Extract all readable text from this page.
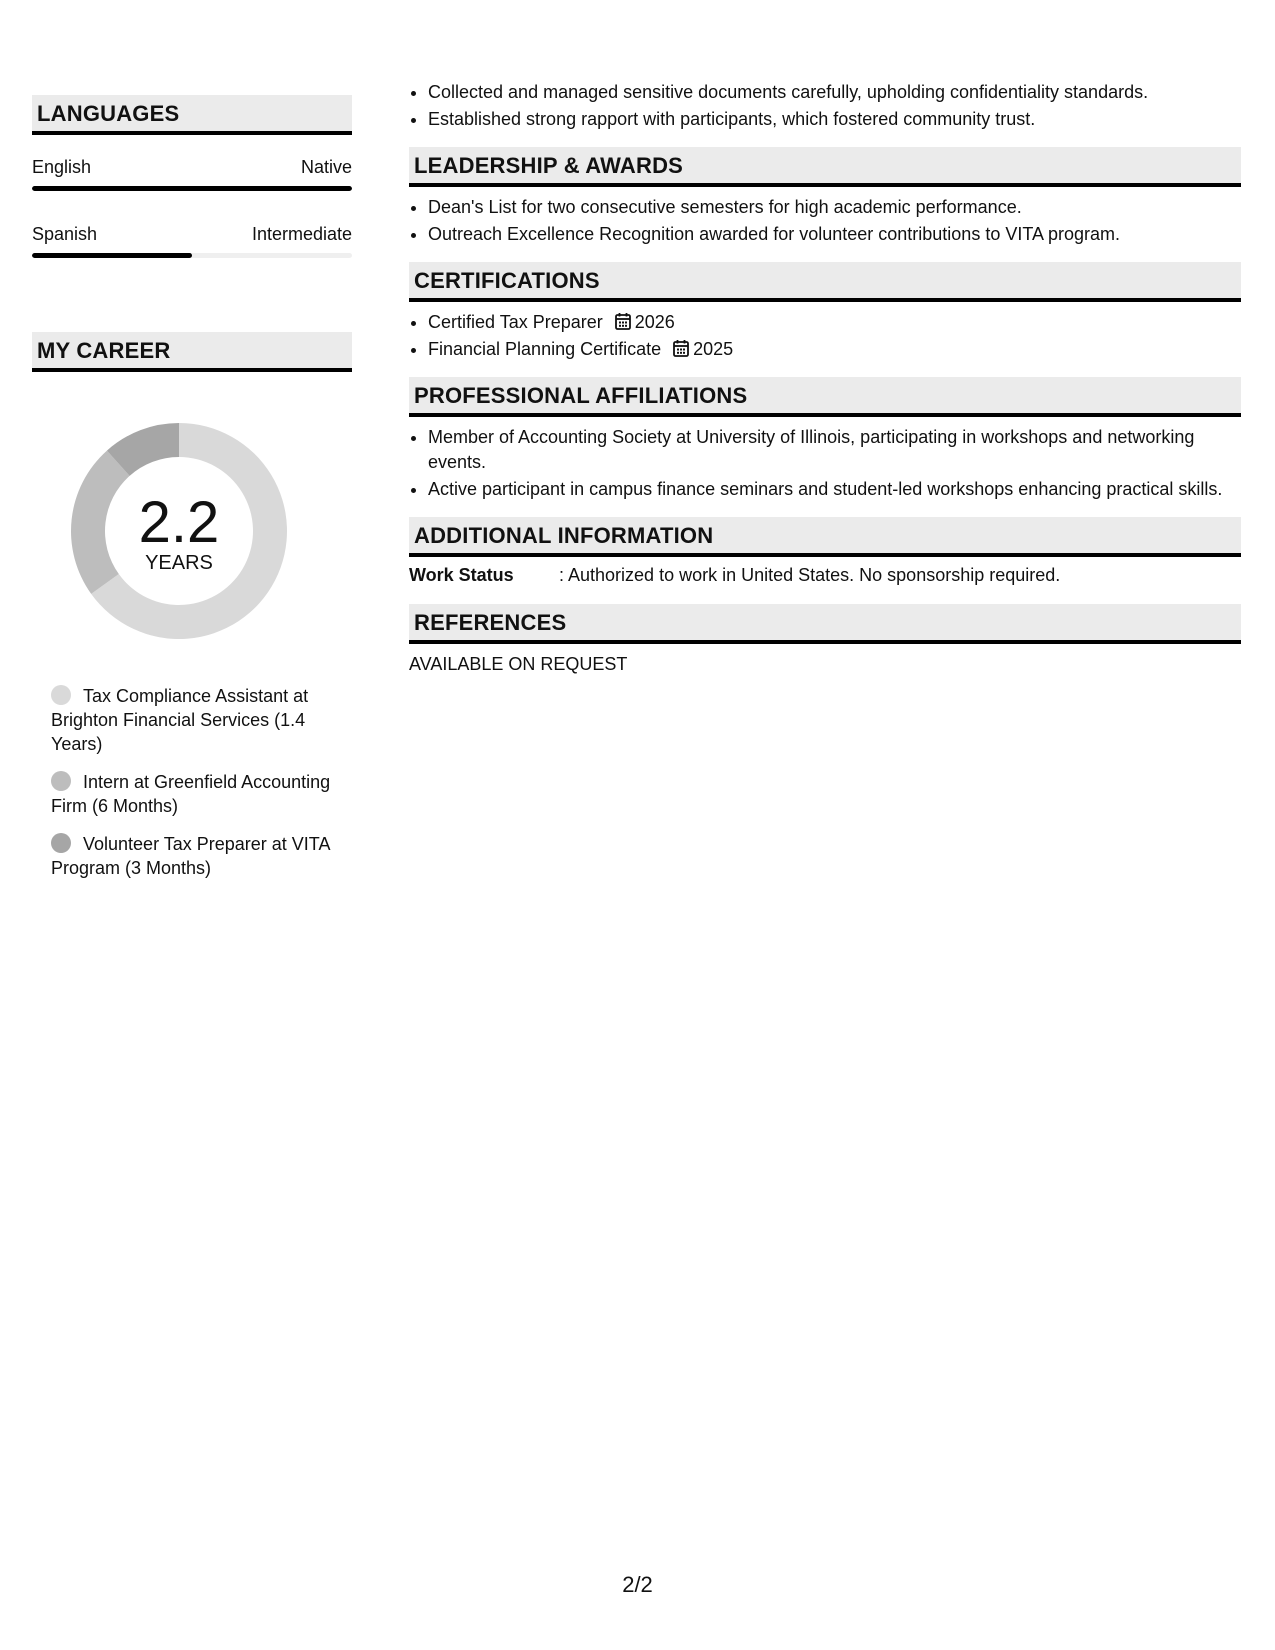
LANGUAGES
English	Native
Spanish	Intermediate
MY CAREER
2.2
YEARS
Tax Compliance Assistant at Brighton Financial Services (1.4 Years)
Intern at Greenfield Accounting Firm (6 Months)
Volunteer Tax Preparer at VITA Program (3 Months)
• Collected and managed sensitive documents carefully, upholding confidentiality standards.
• Established strong rapport with participants, which fostered community trust.
LEADERSHIP & AWARDS
• Dean's List for two consecutive semesters for high academic performance.
• Outreach Excellence Recognition awarded for volunteer contributions to VITA program.
CERTIFICATIONS
• Certified Tax Preparer 2026
• Financial Planning Certificate 2025
PROFESSIONAL AFFILIATIONS
• Member of Accounting Society at University of Illinois, participating in workshops and networking events.
• Active participant in campus finance seminars and student-led workshops enhancing practical skills.
ADDITIONAL INFORMATION
Work Status	: Authorized to work in United States. No sponsorship required.
REFERENCES
AVAILABLE ON REQUEST
2/2
